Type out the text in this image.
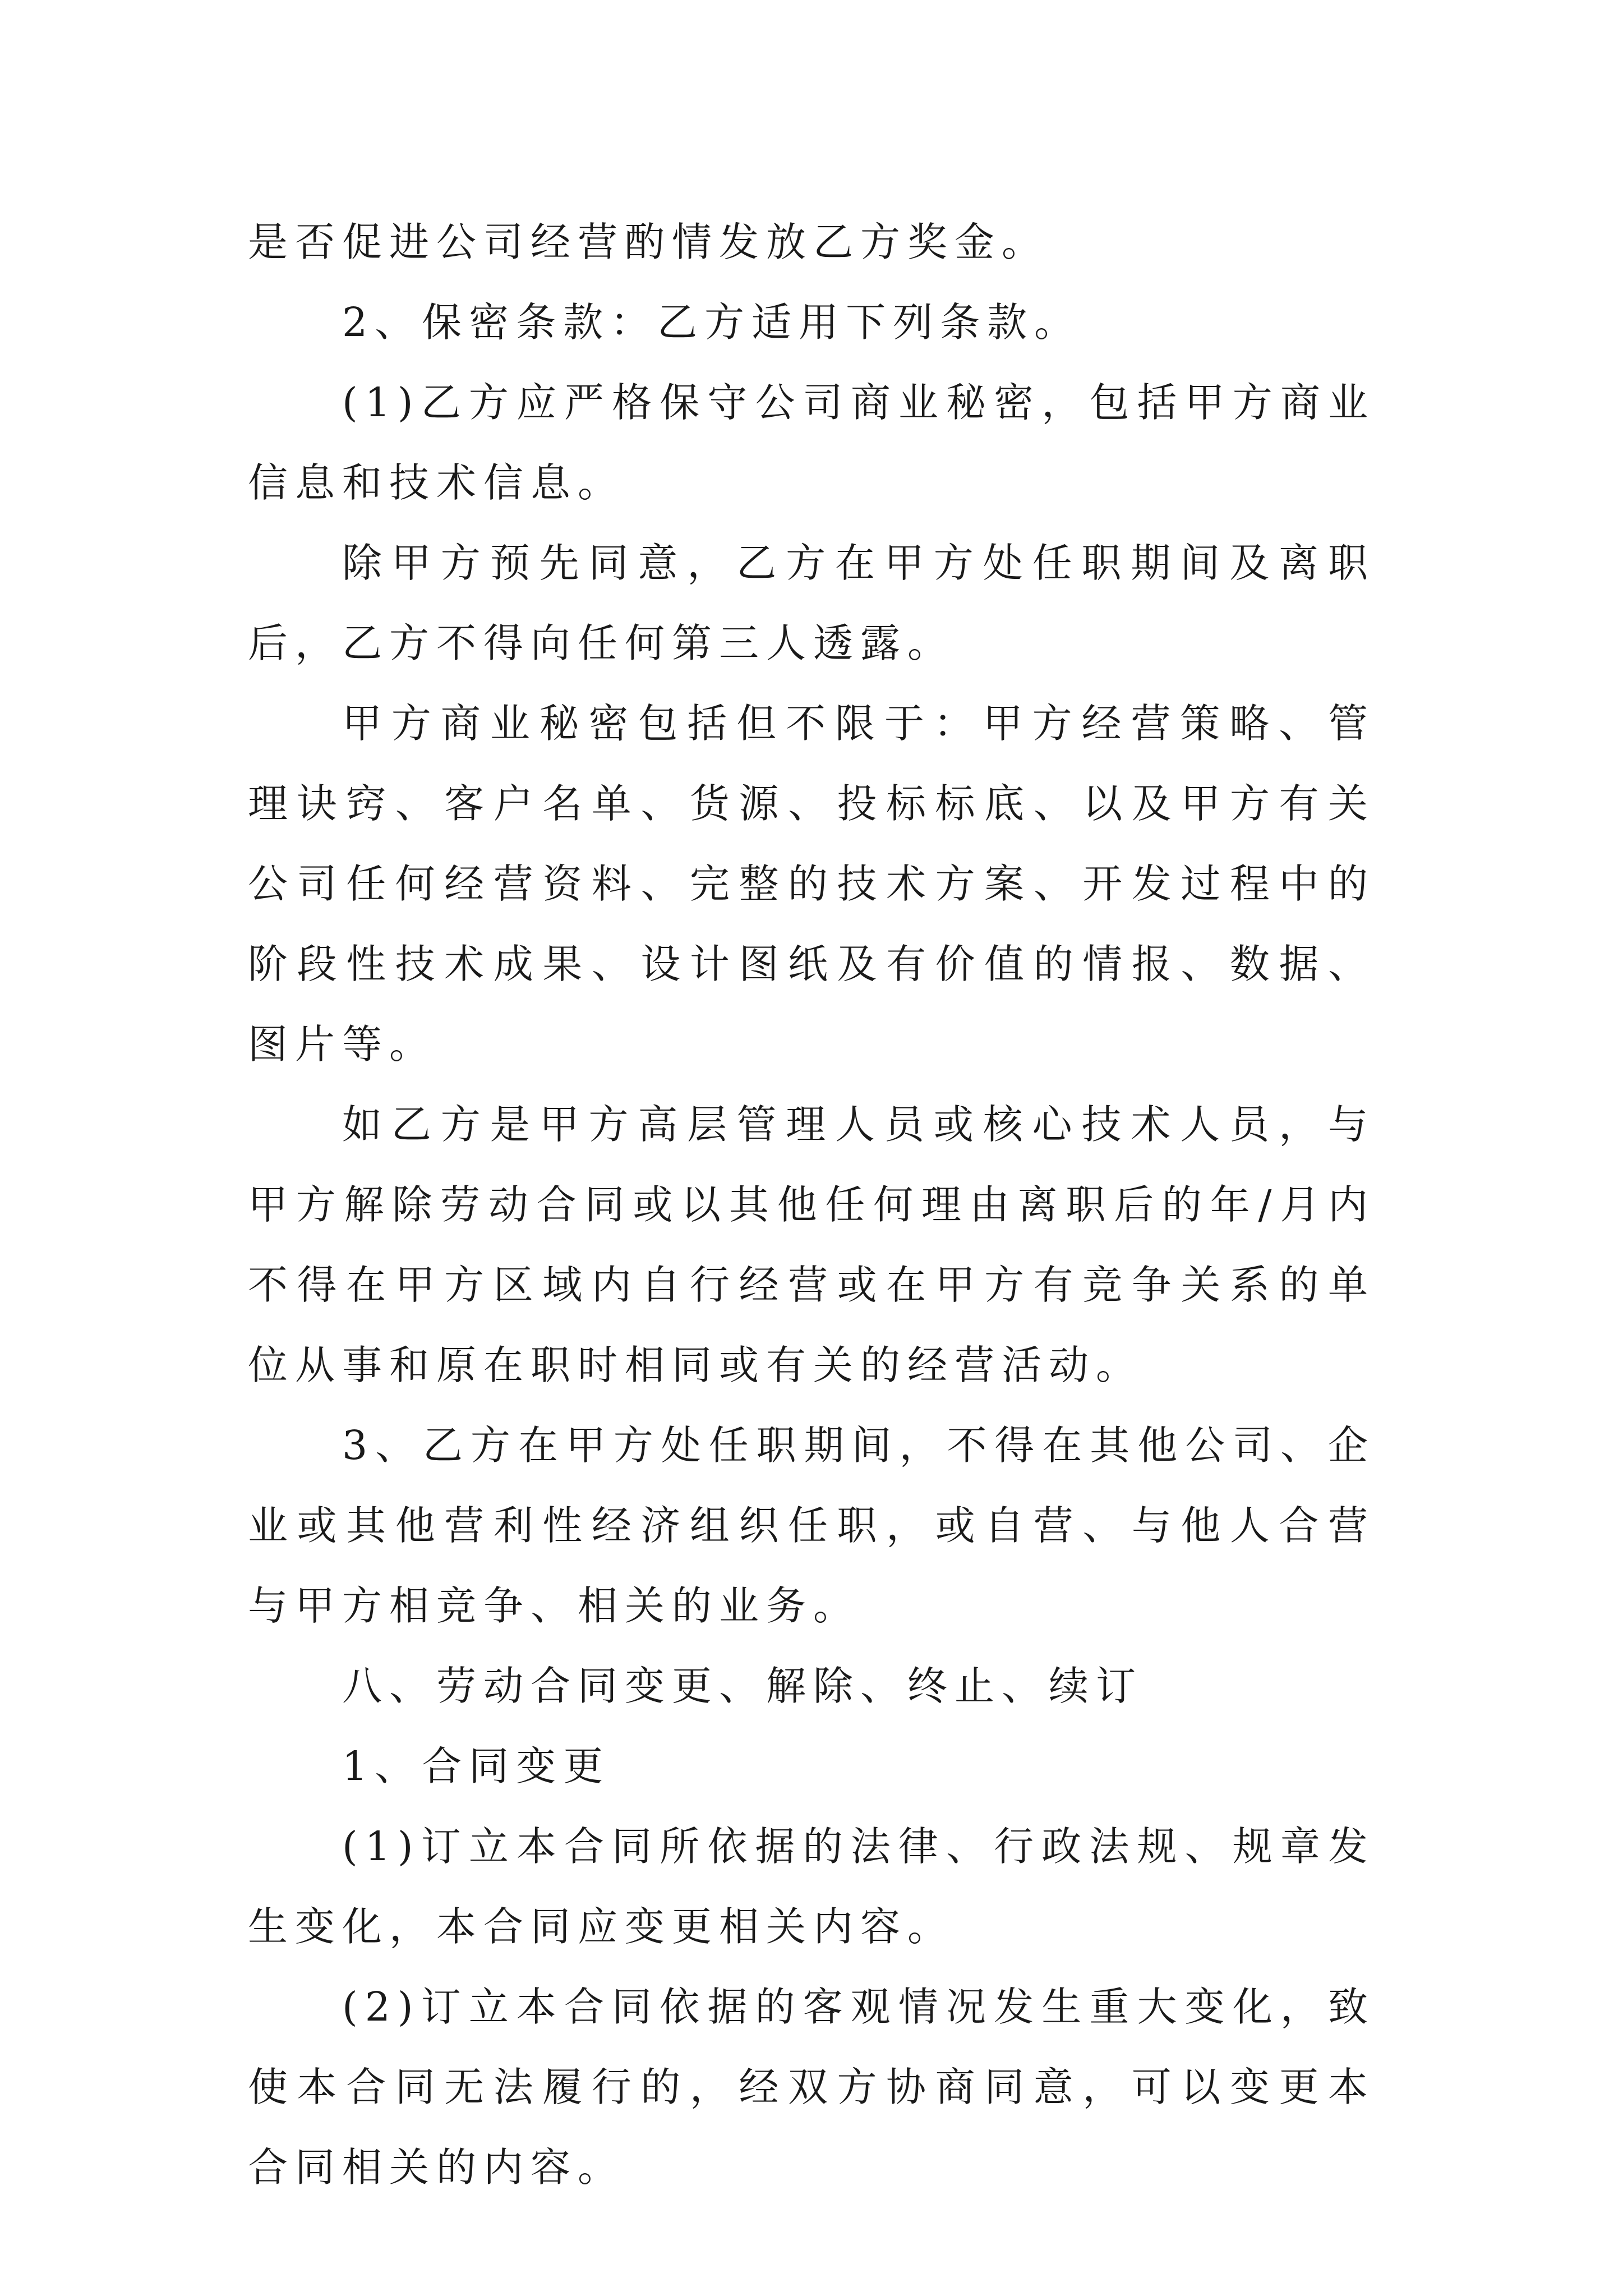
是否促进公司经营酌情发放乙方奖金。

2、保密条款：乙方适用下列条款。

(1)乙方应严格保守公司商业秘密，包括甲方商业信息和技术信息。

除甲方预先同意，乙方在甲方处任职期间及离职后，乙方不得向任何第三人透露。

甲方商业秘密包括但不限于：甲方经营策略、管理诀窍、客户名单、货源、投标标底、以及甲方有关公司任何经营资料、完整的技术方案、开发过程中的阶段性技术成果、设计图纸及有价值的情报、数据、图片等。

如乙方是甲方高层管理人员或核心技术人员，与甲方解除劳动合同或以其他任何理由离职后的年/月内不得在甲方区域内自行经营或在甲方有竞争关系的单位从事和原在职时相同或有关的经营活动。

3、乙方在甲方处任职期间，不得在其他公司、企业或其他营利性经济组织任职，或自营、与他人合营与甲方相竞争、相关的业务。

八、劳动合同变更、解除、终止、续订

1、合同变更

(1)订立本合同所依据的法律、行政法规、规章发生变化，本合同应变更相关内容。

(2)订立本合同依据的客观情况发生重大变化，致使本合同无法履行的，经双方协商同意，可以变更本合同相关的内容。
